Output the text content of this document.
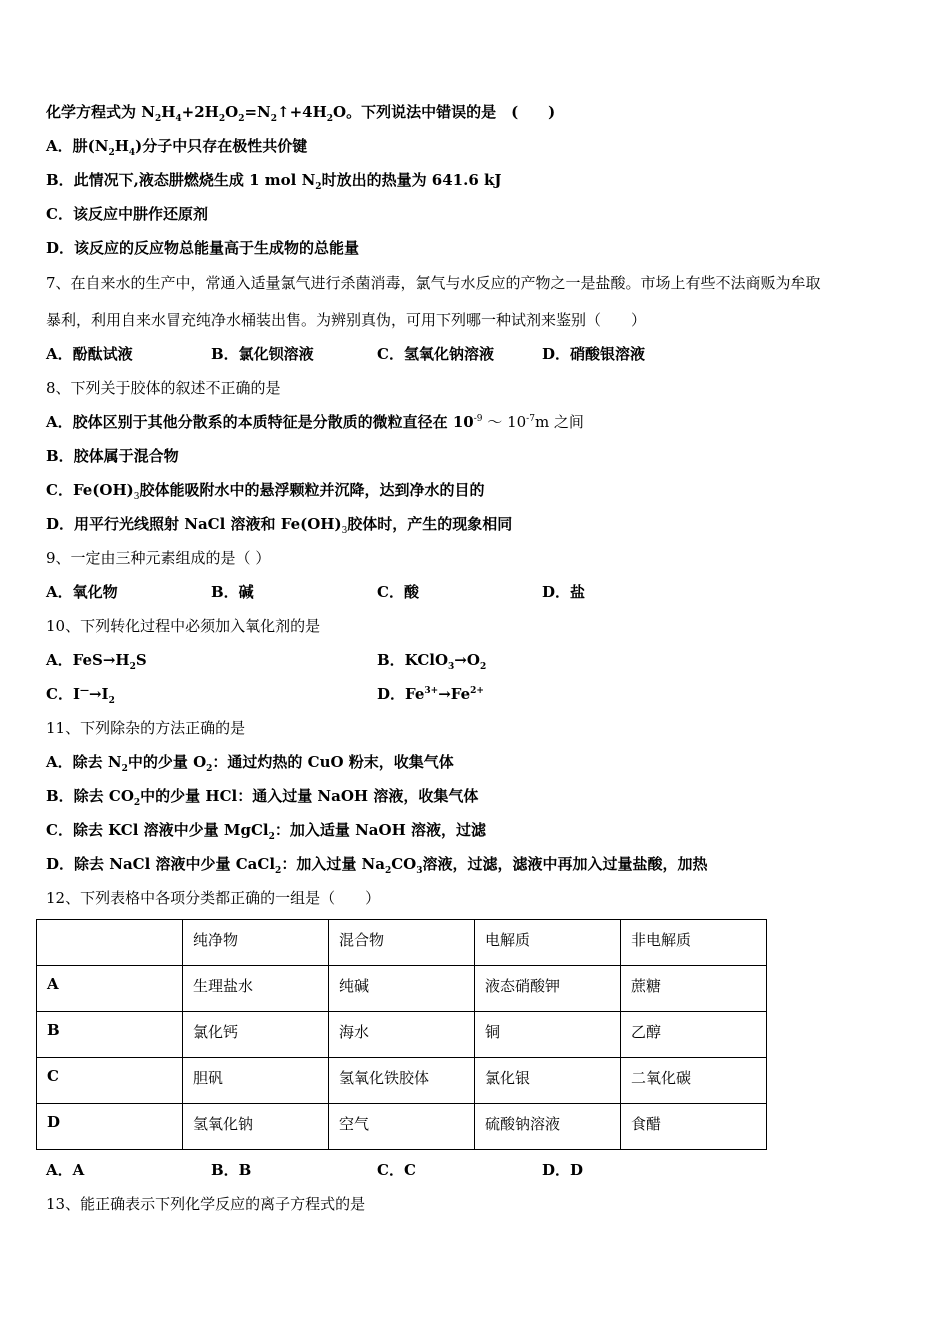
化学方程式为 $N_2H_4+2H_2O_2=N_2↑+4H_2O$。下列说法中错误的是　(　　)
A．肼$(N_2H_4)$分子中只存在极性共价键
B．此情况下,液态肼燃烧生成 1 mol $N_2$时放出的热量为 641.6 kJ
C．该反应中肼作还原剂
D．该反应的反应物总能量高于生成物的总能量
7、在自来水的生产中，常通入适量氯气进行杀菌消毒，氯气与水反应的产物之一是盐酸。市场上有些不法商贩为牟取
暴利，利用自来水冒充纯净水桶装出售。为辨别真伪，可用下列哪一种试剂来鉴别（　　）
A．酚酞试液	B．氯化钡溶液	C．氢氧化钠溶液	D．硝酸银溶液
8、下列关于胶体的叙述不正确的是
A．胶体区别于其他分散系的本质特征是分散质的微粒直径在 $10^{-9}$ ～ $10^{-7}m$ 之间
B．胶体属于混合物
C．$Fe(OH)_3$胶体能吸附水中的悬浮颗粒并沉降，达到净水的目的
D．用平行光线照射 NaCl 溶液和 $Fe(OH)_3$胶体时，产生的现象相同
9、一定由三种元素组成的是（ ）
A．氧化物	B．碱	C．酸	D．盐
10、下列转化过程中必须加入氧化剂的是
A．$FeS\to H_2S$	B．$KClO_3\to O_2$
C．$I^—\to I_2$	D．$Fe^{3+}\to Fe^{2+}$
11、下列除杂的方法正确的是
A．除去 $N_2$中的少量 $O_2$：通过灼热的 CuO 粉末，收集气体
B．除去 $CO_2$中的少量 HCl：通入过量 NaOH 溶液，收集气体
C．除去 KCl 溶液中少量 MgCl$_2$：加入适量 NaOH 溶液，过滤
D．除去 NaCl 溶液中少量 CaCl$_2$：加入过量 $Na_2CO_3$溶液，过滤，滤液中再加入过量盐酸，加热
12、下列表格中各项分类都正确的一组是（　　）
	纯净物	混合物	电解质	非电解质
A	生理盐水	纯碱	液态硝酸钾	蔗糖
B	氯化钙	海水	铜	乙醇
C	胆矾	氢氧化铁胶体	氯化银	二氧化碳
D	氢氧化钠	空气	硫酸钠溶液	食醋
A．A	B．B	C．C	D．D
13、能正确表示下列化学反应的离子方程式的是
